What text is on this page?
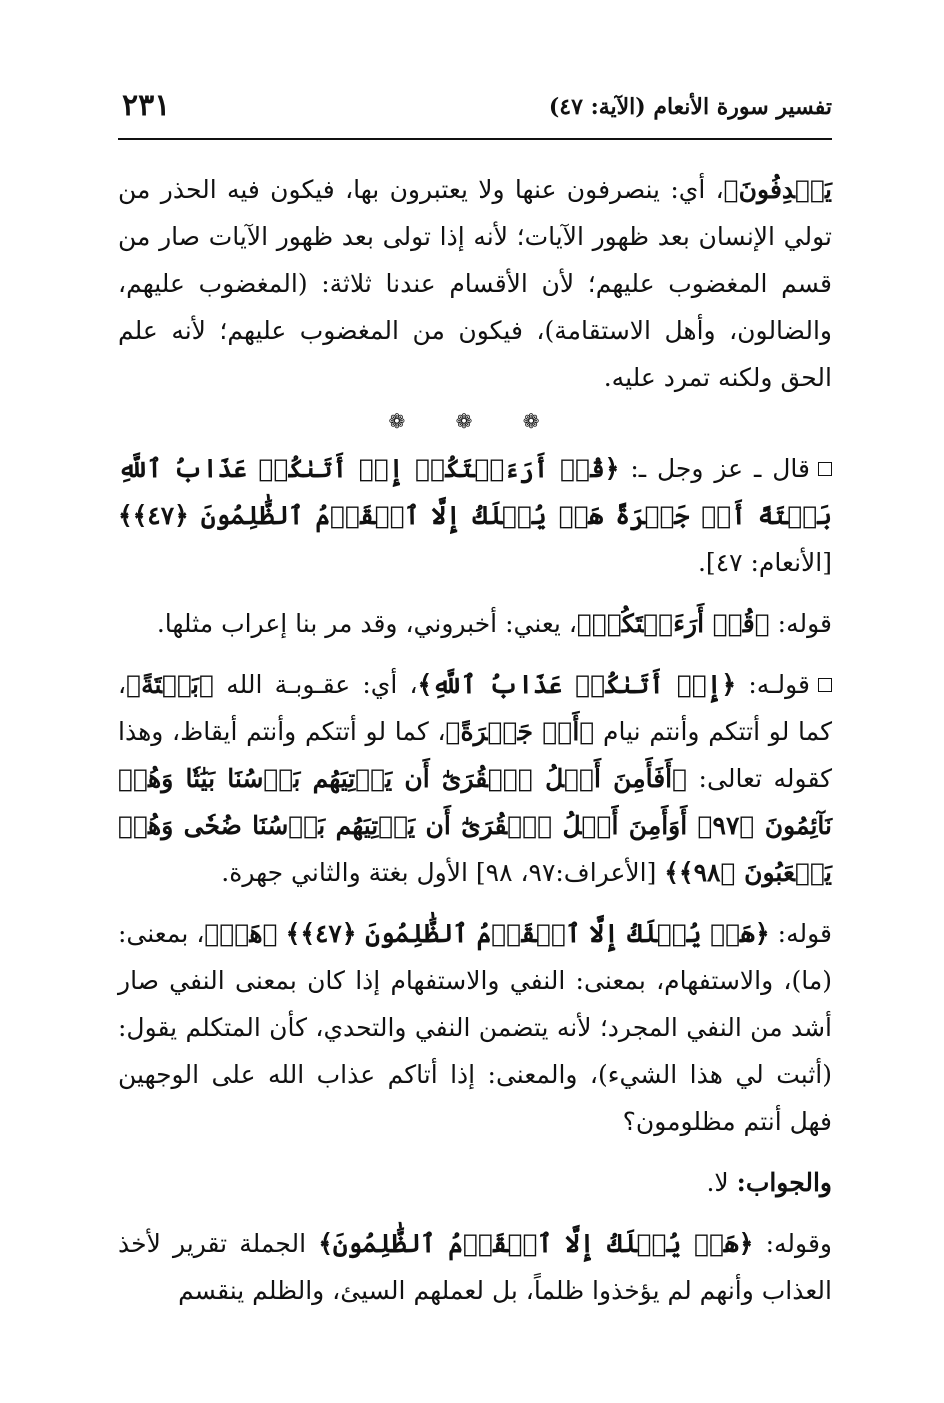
تفسير سورة الأنعام (الآية: ٤٧)
٢٣١

يَصۡدِفُونَ﴾، أي: ينصرفون عنها ولا يعتبرون بها، فيكون فيه الحذر من تولي الإنسان بعد ظهور الآيات؛ لأنه إذا تولى بعد ظهور الآيات صار من قسم المغضوب عليهم؛ لأن الأقسام عندنا ثلاثة: (المغضوب عليهم، والضالون، وأهل الاستقامة)، فيكون من المغضوب عليهم؛ لأنه علم الحق ولكنه تمرد عليه.

❁ ❁ ❁

قال ـ عز وجل ـ: ﴿قُلۡ أَرَءَيۡتَكُمۡ إِنۡ أَتَىٰكُمۡ عَذَابُ ٱللَّهِ بَغۡتَةً أَوۡ جَهۡرَةً هَلۡ يُهۡلَكُ إِلَّا ٱلۡقَوۡمُ ٱلظَّٰلِمُونَ ﴿٤٧﴾﴾ [الأنعام: ٤٧].

قوله: ﴿قُلۡ أَرَءَيۡتَكُمۡ﴾، يعني: أخبروني، وقد مر بنا إعراب مثلها.

قولـه: ﴿إِنۡ أَتَىٰكُمۡ عَذَابُ ٱللَّهِ﴾، أي: عقـوبـة الله ﴿بَغۡتَةً﴾، كما لو أتتكم وأنتم نيام ﴿أَوۡ جَهۡرَةً﴾، كما لو أتتكم وأنتم أيقاظ، وهذا كقوله تعالى: ﴿أَفَأَمِنَ أَهۡلُ ٱلۡقُرَىٰٓ أَن يَأۡتِيَهُم بَأۡسُنَا بَيَٰتٗا وَهُمۡ نَآئِمُونَ ﴿٩٧﴾ أَوَأَمِنَ أَهۡلُ ٱلۡقُرَىٰٓ أَن يَأۡتِيَهُم بَأۡسُنَا ضُحٗى وَهُمۡ يَلۡعَبُونَ ﴿٩٨﴾﴾ [الأعراف:٩٧، ٩٨] الأول بغتة والثاني جهرة.

قوله: ﴿هَلۡ يُهۡلَكُ إِلَّا ٱلۡقَوۡمُ ٱلظَّٰلِمُونَ ﴿٤٧﴾﴾ ﴿هَلۡ﴾، بمعنى: (ما)، والاستفهام، بمعنى: النفي والاستفهام إذا كان بمعنى النفي صار أشد من النفي المجرد؛ لأنه يتضمن النفي والتحدي، كأن المتكلم يقول: (أثبت لي هذا الشيء)، والمعنى: إذا أتاكم عذاب الله على الوجهين فهل أنتم مظلومون؟

والجواب: لا.

وقوله: ﴿هَلۡ يُهۡلَكُ إِلَّا ٱلۡقَوۡمُ ٱلظَّٰلِمُونَ﴾ الجملة تقرير لأخذ العذاب وأنهم لم يؤخذوا ظلماً، بل لعملهم السيئ، والظلم ينقسم
